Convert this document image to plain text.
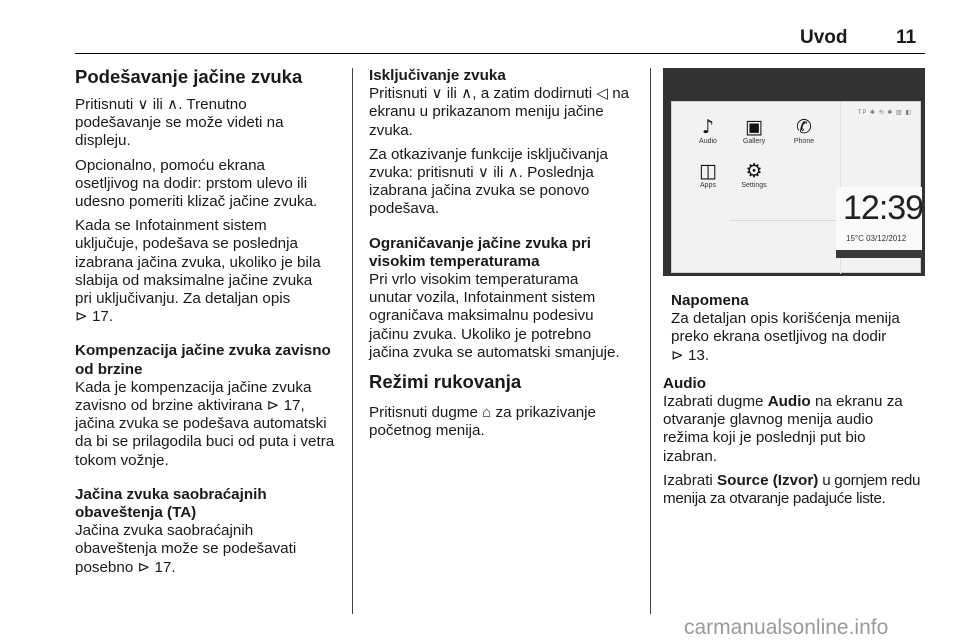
Uvod	11
Podešavanje jačine zvuka

Pritisnuti ∨ ili ∧. Trenutno
podešavanje se može videti na
displeju.

Opcionalno, pomoću ekrana
osetljivog na dodir: prstom ulevo ili
udesno pomeriti klizač jačine zvuka.

Kada se Infotainment sistem
uključuje, podešava se poslednja
izabrana jačina zvuka, ukoliko je bila
slabija od maksimalne jačine zvuka
pri uključivanju. Za detaljan opis
⊳ 17.

Kompenzacija jačine zvuka zavisno
od brzine

Kada je kompenzacija jačine zvuka
zavisno od brzine aktivirana ⊳ 17,
jačina zvuka se podešava automatski
da bi se prilagodila buci od puta i vetra
tokom vožnje.

Jačina zvuka saobraćajnih
obaveštenja (TA)

Jačina zvuka saobraćajnih
obaveštenja može se podešavati
posebno ⊳ 17.

Isključivanje zvuka

Pritisnuti ∨ ili ∧, a zatim dodirnuti ◁ na
ekranu u prikazanom meniju jačine
zvuka.

Za otkazivanje funkcije isključivanja
zvuka: pritisnuti ∨ ili ∧. Poslednja
izabrana jačina zvuka se ponovo
podešava.

Ograničavanje jačine zvuka pri
visokim temperaturama

Pri vrlo visokim temperaturama
unutar vozila, Infotainment sistem
ograničava maksimalnu podesivu
jačinu zvuka. Ukoliko je potrebno
jačina zvuka se automatski smanjuje.

Režimi rukovanja

Pritisnuti dugme ⌂ za prikazivanje
početnog menija.

TP ✱ ⟲ ✱ ▥ ◧
♪
Audio
▣
Gallery
✆
Phone
◫
Apps
⚙
Settings
12:39
15°C 03/12/2012

Napomena

Za detaljan opis korišćenja menija
preko ekrana osetljivog na dodir
⊳ 13.

Audio

Izabrati dugme Audio na ekranu za
otvaranje glavnog menija audio
režima koji je poslednji put bio
izabran.

Izabrati Source (Izvor) u gornjem redu
menija za otvaranje padajuće liste.

carmanualsonline.info
